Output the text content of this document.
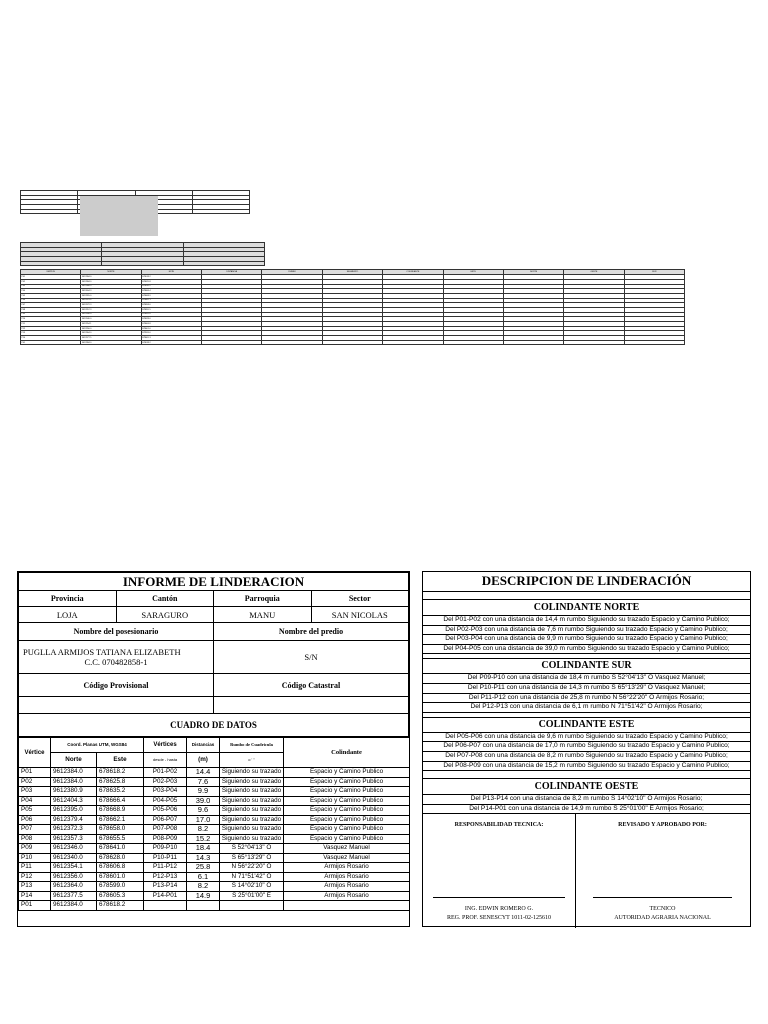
VERTICE	NORTE	ESTE	DISTANCIA	RUMBO	SEGMENTO	COLINDANTE	ESTE	NORTE	OESTE	SUR
P01	9612384.0	678618.2								
P02	9612384.0	678625.8								
P03	9612380.9	678635.2								
P04	9612404.3	678666.4								
P05	9612395.0	678668.9								
P06	9612379.4	678662.1								
P07	9612372.3	678658.0								
P08	9612357.3	678655.5								
P09	9612346.0	678641.0								
P10	9612340.0	678628.0								
P11	9612354.1	678606.8								
P12	9612356.0	678601.0								
P13	9612364.0	678599.0								
P14	9612377.5	678605.3								
P01	9612384.0	678618.2								
INFORME DE LINDERACION			
Provincia	Cantón	Parroquia	Sector
LOJA	SARAGURO	MANU	SAN NICOLAS
Nombre del posesionario		Nombre del predio	

PUGLLA ARMIJOS TATIANA ELIZABETH
C.C. 070482858-1		S/N	
Código Provisional		Código Catastral	

CUADRO DE DATOS			
Vértice	Coord. Planas UTM, WGS84		Vértices	Distancias	Rumbo de Cuadrícula	Colindante
	Norte	Este	desde - hasta	(m)	o ' "	
P01	9612384.0	678618.2	P01-P02	14.4	Siguiendo su trazado	Espacio y Camino Publico
P02	9612384.0	678625.8	P02-P03	7.6	Siguiendo su trazado	Espacio y Camino Publico
P03	9612380.9	678635.2	P03-P04	9.9	Siguiendo su trazado	Espacio y Camino Publico
P04	9612404.3	678666.4	P04-P05	39.0	Siguiendo su trazado	Espacio y Camino Publico
P05	9612395.0	678668.9	P05-P06	9.6	Siguiendo su trazado	Espacio y Camino Publico
P06	9612379.4	678662.1	P06-P07	17.0	Siguiendo su trazado	Espacio y Camino Publico
P07	9612372.3	678658.0	P07-P08	8.2	Siguiendo su trazado	Espacio y Camino Publico
P08	9612357.3	678655.5	P08-P09	15.2	Siguiendo su trazado	Espacio y Camino Publico
P09	9612346.0	678641.0	P09-P10	18.4	S 52°04'13" O	Vasquez Manuel
P10	9612340.0	678628.0	P10-P11	14.3	S 65°13'29" O	Vasquez Manuel
P11	9612354.1	678606.8	P11-P12	25.8	N 56°22'20" O	Armijos Rosario
P12	9612356.0	678601.0	P12-P13	6.1	N 71°51'42" O	Armijos Rosario
P13	9612364.0	678599.0	P13-P14	8.2	S 14°02'10" O	Armijos Rosario
P14	9612377.5	678605.3	P14-P01	14.9	S 25°01'00" E	Armijos Rosario
P01	9612384.0	678618.2				
DESCRIPCION DE LINDERACIÓN
COLINDANTE NORTE
Del P01-P02 con una distancia de 14,4 m rumbo Siguiendo su trazado Espacio y Camino Publico;
Del P02-P03 con una distancia de 7,6 m rumbo Siguiendo su trazado Espacio y Camino Publico;
Del P03-P04 con una distancia de 9,9 m rumbo Siguiendo su trazado Espacio y Camino Publico;
Del P04-P05 con una distancia de 39,0 m rumbo Siguiendo su trazado Espacio y Camino Publico;
COLINDANTE SUR
Del P09-P10 con una distancia de 18,4 m rumbo S 52°04'13" O Vasquez Manuel;
Del P10-P11 con una distancia de 14,3 m rumbo S 65°13'29" O Vasquez Manuel;
Del P11-P12 con una distancia de 25,8 m rumbo N 56°22'20" O Armijos Rosario;
Del P12-P13 con una distancia de 6,1 m rumbo N 71°51'42" O Armijos Rosario;
COLINDANTE ESTE
Del P05-P06 con una distancia de 9,6 m rumbo Siguiendo su trazado Espacio y Camino Publico;
Del P06-P07 con una distancia de 17,0 m rumbo Siguiendo su trazado Espacio y Camino Publico;
Del P07-P08 con una distancia de 8,2 m rumbo Siguiendo su trazado Espacio y Camino Publico;
Del P08-P09 con una distancia de 15,2 m rumbo Siguiendo su trazado Espacio y Camino Publico;
COLINDANTE OESTE
Del P13-P14 con una distancia de 8,2 m rumbo S 14°02'10" O Armijos Rosario;
Del P14-P01 con una distancia de 14,9 m rumbo S 25°01'00" E Armijos Rosario;
RESPONSABILIDAD TECNICA:
ING. EDWIN ROMERO G.
REG. PROF. SENESCYT 1011-02-125610
REVISADO Y APROBADO POR:
TECNICO
AUTORIDAD AGRARIA NACIONAL
